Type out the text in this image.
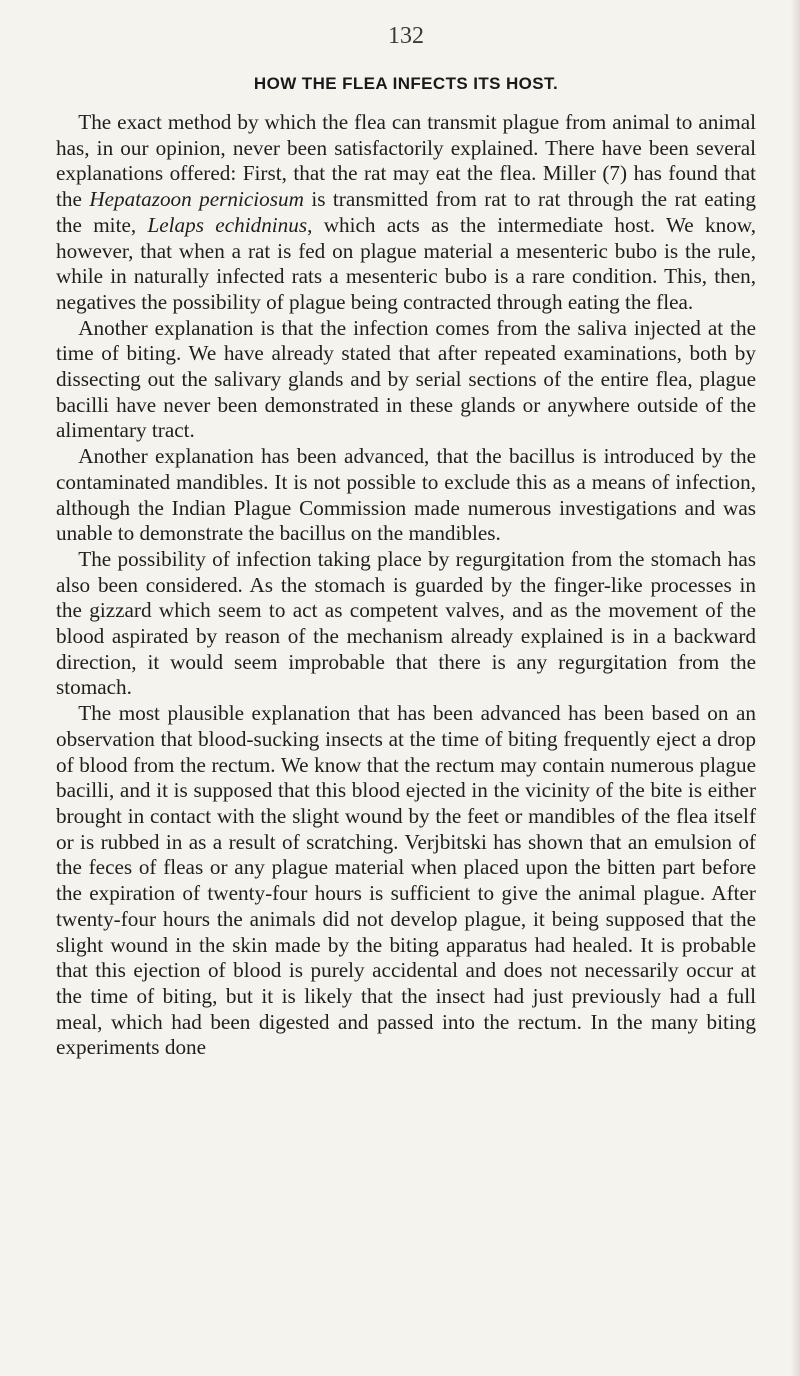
132
HOW THE FLEA INFECTS ITS HOST.

The exact method by which the flea can transmit plague from animal to animal has, in our opinion, never been satisfactorily explained. There have been several explanations offered: First, that the rat may eat the flea. Miller (7) has found that the Hepatazoon perniciosum is transmitted from rat to rat through the rat eating the mite, Lelaps echidninus, which acts as the intermediate host. We know, however, that when a rat is fed on plague material a mesenteric bubo is the rule, while in naturally infected rats a mesenteric bubo is a rare condition. This, then, negatives the possibility of plague being contracted through eating the flea.

Another explanation is that the infection comes from the saliva injected at the time of biting. We have already stated that after repeated examinations, both by dissecting out the salivary glands and by serial sections of the entire flea, plague bacilli have never been demonstrated in these glands or anywhere outside of the alimentary tract.

Another explanation has been advanced, that the bacillus is introduced by the contaminated mandibles. It is not possible to exclude this as a means of infection, although the Indian Plague Commission made numerous investigations and was unable to demonstrate the bacillus on the mandibles.

The possibility of infection taking place by regurgitation from the stomach has also been considered. As the stomach is guarded by the finger-like processes in the gizzard which seem to act as competent valves, and as the movement of the blood aspirated by reason of the mechanism already explained is in a backward direction, it would seem improbable that there is any regurgitation from the stomach.

The most plausible explanation that has been advanced has been based on an observation that blood-sucking insects at the time of biting frequently eject a drop of blood from the rectum. We know that the rectum may contain numerous plague bacilli, and it is supposed that this blood ejected in the vicinity of the bite is either brought in contact with the slight wound by the feet or mandibles of the flea itself or is rubbed in as a result of scratching. Verjbitski has shown that an emulsion of the feces of fleas or any plague material when placed upon the bitten part before the expiration of twenty-four hours is sufficient to give the animal plague. After twenty-four hours the animals did not develop plague, it being supposed that the slight wound in the skin made by the biting apparatus had healed. It is probable that this ejection of blood is purely accidental and does not necessarily occur at the time of biting, but it is likely that the insect had just previously had a full meal, which had been digested and passed into the rectum. In the many biting experiments done
